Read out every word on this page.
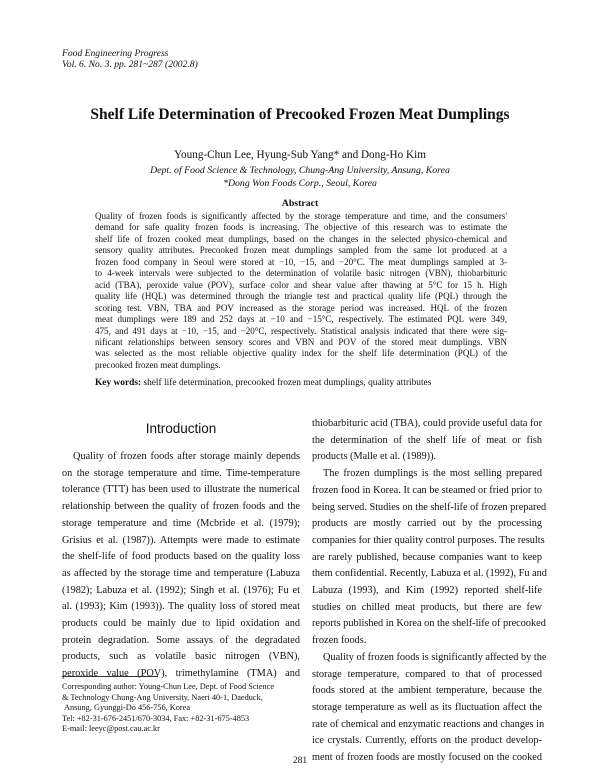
Food Engineering Progress
Vol. 6. No. 3. pp. 281~287 (2002.8)
Shelf Life Determination of Precooked Frozen Meat Dumplings
Young-Chun Lee, Hyung-Sub Yang* and Dong-Ho Kim
Dept. of Food Science & Technology, Chung-Ang University, Ansung, Korea
*Dong Won Foods Corp., Seoul, Korea
Abstract
Quality of frozen foods is significantly affected by the storage temperature and time, and the consumers'
demand for safe quality frozen foods is increasing. The objective of this research was to estimate the
shelf life of frozen cooked meat dumplings, based on the changes in the selected physico-chemical and
sensory quality attributes. Precooked frozen meat dumplings sampled from the same lot produced at a
frozen food company in Seoul were stored at −10, −15, and −20°C. The meat dumplings sampled at 3-
to 4-week intervals were subjected to the determination of volatile basic nitrogen (VBN), thiobarbituric
acid (TBA), peroxide value (POV), surface color and shear value after thawing at 5°C for 15 h. High
quality life (HQL) was determined through the triangle test and practical quality life (PQL) through the
scoring test. VBN, TBA and POV increased as the storage period was increased. HQL of the frozen
meat dumplings were 189 and 252 days at −10 and −15°C, respectively. The estimated PQL were 349,
475, and 491 days at −10, −15, and −20°C, respectively. Statistical analysis indicated that there were sig-
nificant relationships between sensory scores and VBN and POV of the stored meat dumplings. VBN
was selected as the most reliable objective quality index for the shelf life determination (PQL) of the
precooked frozen meat dumplings.
Key words: shelf life determination, precooked frozen meat dumplings, quality attributes
Introduction
Quality of frozen foods after storage mainly depends
on the storage temperature and time. Time-temperature
tolerance (TTT) has been used to illustrate the numerical
relationship between the quality of frozen foods and the
storage temperature and time (Mcbride et al. (1979);
Grisius et al. (1987)). Attempts were made to estimate
the shelf-life of food products based on the quality loss
as affected by the storage time and temperature (Labuza
(1982); Labuza et al. (1992); Singh et al. (1976); Fu et
al. (1993); Kim (1993)). The quality loss of stored meat
products could be mainly due to lipid oxidation and
protein degradation. Some assays of the degradated
products, such as volatile basic nitrogen (VBN),
peroxide value (POV), trimethylamine (TMA) and
thiobarbituric acid (TBA), could provide useful data for
the determination of the shelf life of meat or fish
products (Malle et al. (1989)).
The frozen dumplings is the most selling prepared
frozen food in Korea. It can be steamed or fried prior to
being served. Studies on the shelf-life of frozen prepared
products are mostly carried out by the processing
companies for thier quality control purposes. The results
are rarely published, because companies want to keep
them confidential. Recently, Labuza et al. (1992), Fu and
Labuza (1993), and Kim (1992) reported shelf-life
studies on chilled meat products, but there are few
reports published in Korea on the shelf-life of precooked
frozen foods.
Quality of frozen foods is significantly affected by the
storage temperature, compared to that of processed
foods stored at the ambient temperature, because the
storage temperature as well as its fluctuation affect the
rate of chemical and enzymatic reactions and changes in
ice crystals. Currently, efforts on the product develop-
ment of frozen foods are mostly focused on the cooked
Corresponding author: Young-Chun Lee, Dept. of Food Science
& Technology Chung-Ang University, Naeri 40-1, Daeduck,
Ansung, Gyunggi-Do 456-756, Korea
Tel: +82-31-676-2451/670-3034, Fax: +82-31-675-4853
E-mail: leeyc@post.cau.ac.kr
281
